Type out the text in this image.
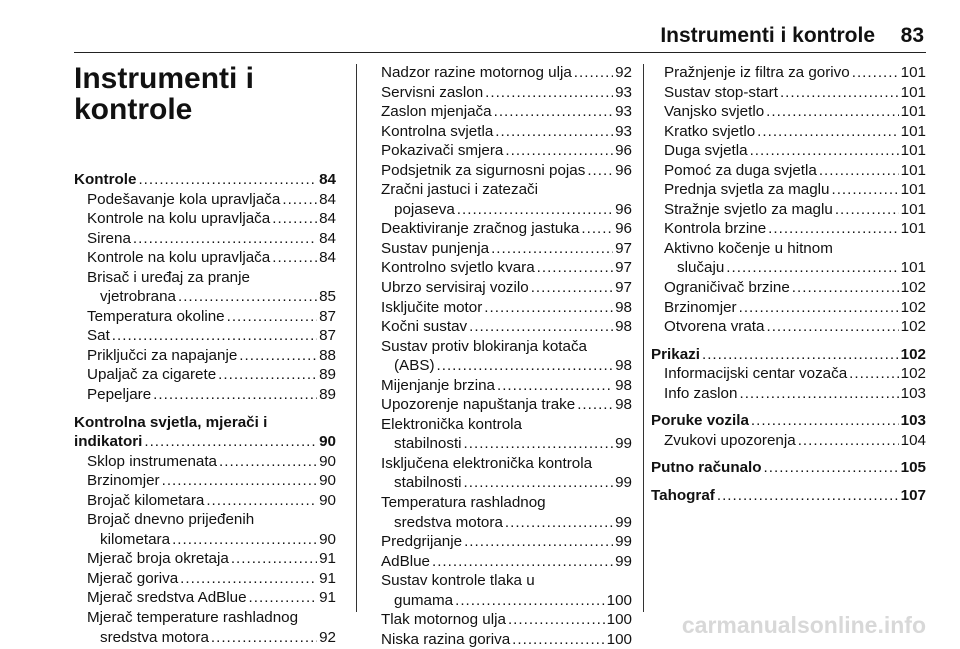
Instrumenti i kontrole 83
Instrumenti i kontrole
Kontrole .....	84
Podešavanje kola upravljača .....	84
Kontrole na kolu upravljača .....	84
Sirena .....	84
Kontrole na kolu upravljača .....	84
Brisač i uređaj za pranje
vjetrobrana .....	85
Temperatura okoline .....	87
Sat .....	87
Priključci za napajanje .....	88
Upaljač za cigarete .....	89
Pepeljare .....	89
Kontrolna svjetla, mjerači i
indikatori .....	90
Sklop instrumenata .....	90
Brzinomjer .....	90
Brojač kilometara .....	90
Brojač dnevno prijeđenih
kilometara .....	90
Mjerač broja okretaja .....	91
Mjerač goriva .....	91
Mjerač sredstva AdBlue .....	91
Mjerač temperature rashladnog
sredstva motora .....	92
Nadzor razine motornog ulja .....	92
Servisni zaslon .....	93
Zaslon mjenjača .....	93
Kontrolna svjetla .....	93
Pokazivači smjera .....	96
Podsjetnik za sigurnosni pojas ..... 96
Zračni jastuci i zatezači
pojaseva .....	96
Deaktiviranje zračnog jastuka ..... 96
Sustav punjenja .....	97
Kontrolno svjetlo kvara .....	97
Ubrzo servisiraj vozilo .....	97
Isključite motor .....	98
Kočni sustav .....	98
Sustav protiv blokiranja kotača
(ABS) .....	98
Mijenjanje brzina .....	98
Upozorenje napuštanja trake .....	98
Elektronička kontrola
stabilnosti .....	99
Isključena elektronička kontrola
stabilnosti .....	99
Temperatura rashladnog
sredstva motora .....	99
Predgrijanje .....	99
AdBlue .....	99
Sustav kontrole tlaka u
gumama .....	100
Tlak motornog ulja .....	100
Niska razina goriva .....	100
Pražnjenje iz filtra za gorivo .....	101
Sustav stop-start .....	101
Vanjsko svjetlo .....	101
Kratko svjetlo .....	101
Duga svjetla .....	101
Pomoć za duga svjetla .....	101
Prednja svjetla za maglu .....	101
Stražnje svjetlo za maglu .....	101
Kontrola brzine .....	101
Aktivno kočenje u hitnom
slučaju .....	101
Ograničivač brzine .....	102
Brzinomjer .....	102
Otvorena vrata .....	102
Prikazi .....	102
Informacijski centar vozača .....	102
Info zaslon .....	103
Poruke vozila .....	103
Zvukovi upozorenja .....	104
Putno računalo .....	105
Tahograf .....	107
carmanualsonline.info
